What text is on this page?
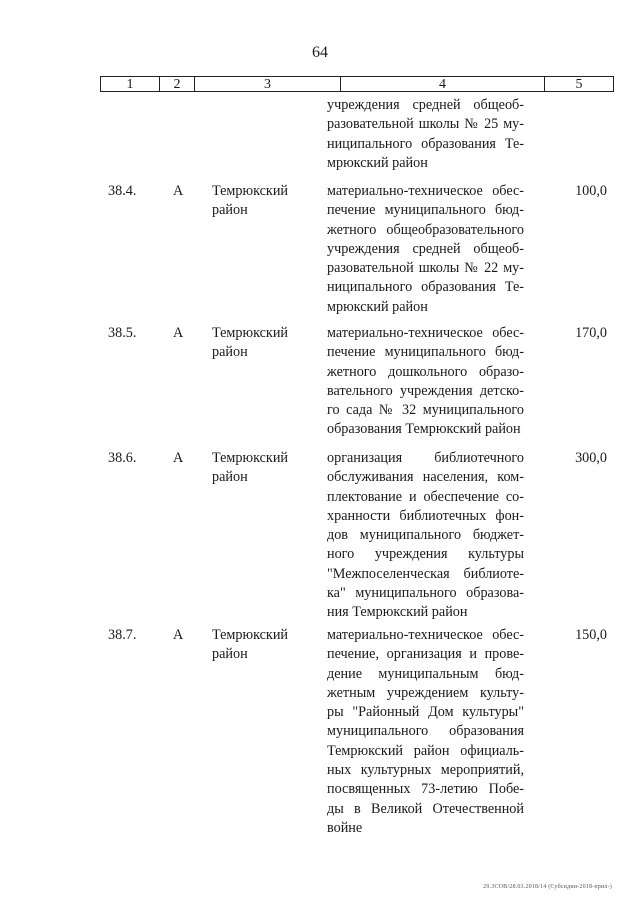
64
1	2	3	4	5
учреждения средней общеоб-
разовательной школы № 25 му-
ниципального образования Те-
мрюкский район
38.4.	А Темрюкский
район
материально-техническое обес-
печение муниципального бюд-
жетного общеобразовательного
учреждения средней общеоб-
разовательной школы № 22 му-
ниципального образования Те-
мрюкский район
100,0
38.5.	А Темрюкский
район
материально-техническое обес-
печение муниципального бюд-
жетного дошкольного образо-
вательного учреждения детско-
го сада № 32 муниципального
образования Темрюкский район
170,0
38.6.	А Темрюкский
район
организация библиотечного
обслуживания населения, ком-
плектование и обеспечение со-
хранности библиотечных фон-
дов муниципального бюджет-
ного учреждения культуры
"Межпоселенческая библиоте-
ка" муниципального образова-
ния Темрюкский район
300,0
38.7.	А Темрюкский
район
материально-техническое обес-
печение, организация и прове-
дение муниципальным бюд-
жетным учреждением культу-
ры "Районный Дом культуры"
муниципального образования
Темрюкский район официаль-
ных культурных мероприятий,
посвященных 73-летию Побе-
ды в Великой Отечественной
войне
150,0
29.3СОВ/28.03.2018/14 (Субсидии-2018-прил-)
